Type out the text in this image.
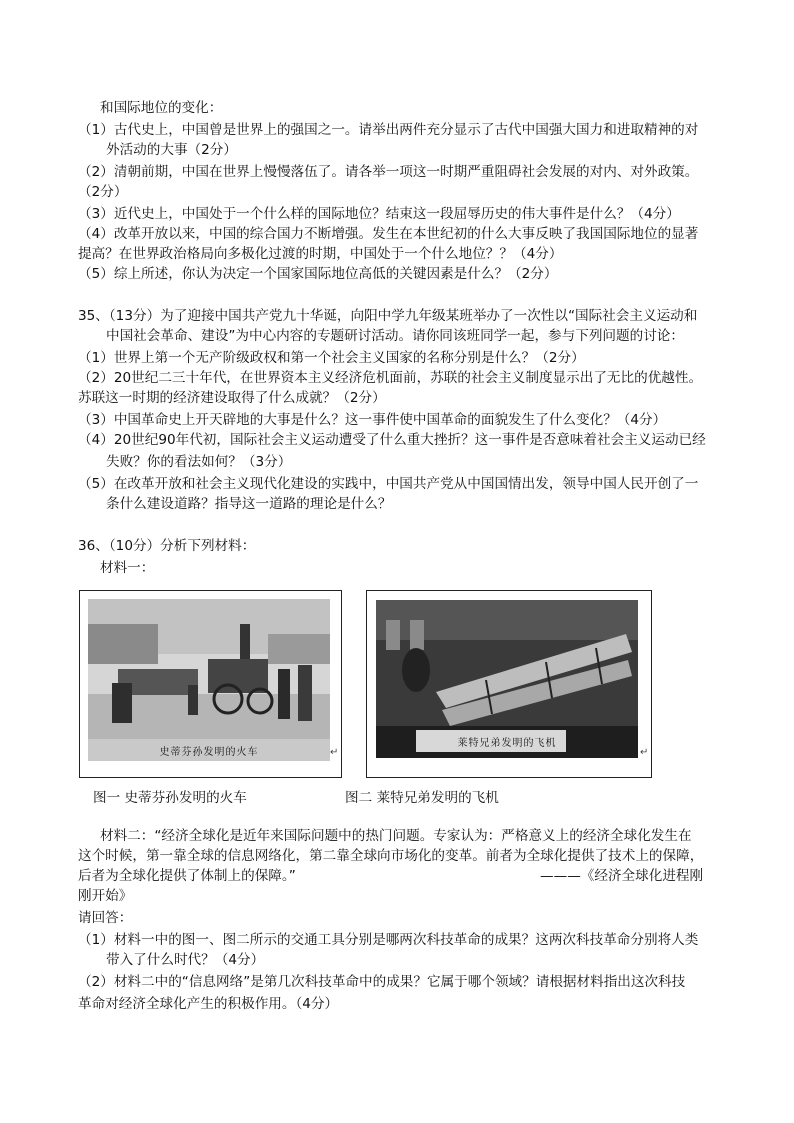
和国际地位的变化：
（1）古代史上，中国曾是世界上的强国之一。请举出两件充分显示了古代中国强大国力和进取精神的对
外活动的大事（2分）
（2）清朝前期，中国在世界上慢慢落伍了。请各举一项这一时期严重阻碍社会发展的对内、对外政策。
（2分）
（3）近代史上，中国处于一个什么样的国际地位？结束这一段屈辱历史的伟大事件是什么？（4分）
（4）改革开放以来，中国的综合国力不断增强。发生在本世纪初的什么大事反映了我国国际地位的显著
提高？在世界政治格局向多极化过渡的时期，中国处于一个什么地位？？（4分）
（5）综上所述，你认为决定一个国家国际地位高低的关键因素是什么？（2分）
35、（13分）为了迎接中国共产党九十华诞，向阳中学九年级某班举办了一次性以“国际社会主义运动和
中国社会革命、建设”为中心内容的专题研讨活动。请你同该班同学一起，参与下列问题的讨论：
（1）世界上第一个无产阶级政权和第一个社会主义国家的名称分别是什么？（2分）
（2）20世纪二三十年代，在世界资本主义经济危机面前，苏联的社会主义制度显示出了无比的优越性。
苏联这一时期的经济建设取得了什么成就？（2分）
（3）中国革命史上开天辟地的大事是什么？这一事件使中国革命的面貌发生了什么变化？（4分）
（4）20世纪90年代初，国际社会主义运动遭受了什么重大挫折？这一事件是否意味着社会主义运动已经
失败？你的看法如何？（3分）
（5）在改革开放和社会主义现代化建设的实践中，中国共产党从中国国情出发，领导中国人民开创了一
条什么建设道路？指导这一道路的理论是什么？
36、（10分）分析下列材料：
材料一：
史蒂芬孙发明的火车	↵
莱特兄弟发明的飞机
↵
图一 史蒂芬孙发明的火车	图二 莱特兄弟发明的飞机
材料二：“经济全球化是近年来国际问题中的热门问题。专家认为：严格意义上的经济全球化发生在
这个时候，第一靠全球的信息网络化，第二靠全球向市场化的变革。前者为全球化提供了技术上的保障，
后者为全球化提供了体制上的保障。”	———《经济全球化进程刚
刚开始》
请回答：
（1）材料一中的图一、图二所示的交通工具分别是哪两次科技革命的成果？这两次科技革命分别将人类
带入了什么时代？（4分）
（2）材料二中的“信息网络”是第几次科技革命中的成果？它属于哪个领域？请根据材料指出这次科技
革命对经济全球化产生的积极作用。（4分）
